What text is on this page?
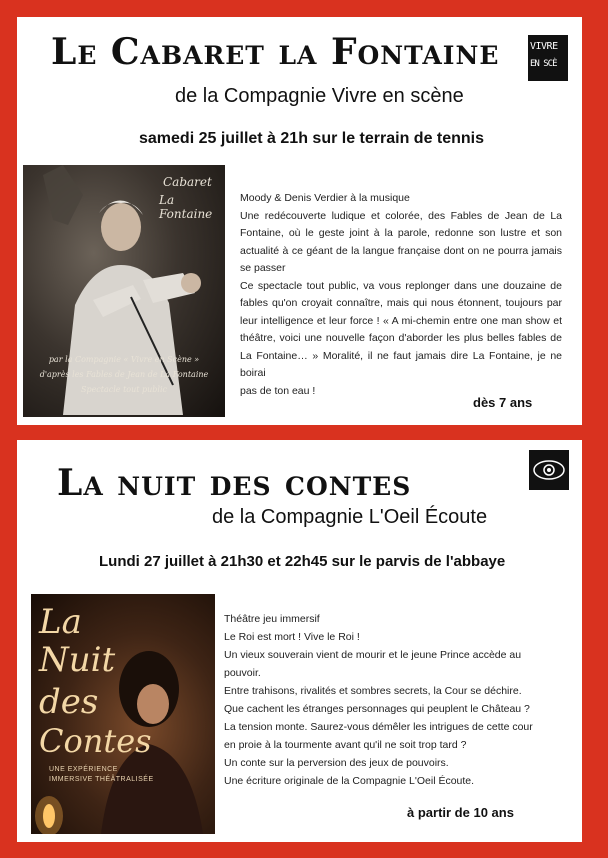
Le Cabaret la Fontaine	VIVRE
EN SCÈ
de la Compagnie Vivre en scène
samedi 25 juillet à 21h sur le terrain de tennis
Cabaret
La Fontaine
par la Compagnie « Vivre en Scène »
d'après les Fables de Jean de La Fontaine
Spectacle tout public

Moody & Denis Verdier à la musique

Une redécouverte ludique et colorée, des Fables de Jean de La Fontaine, où le geste joint à la parole, redonne son lustre et son actualité à ce géant de la langue française dont on ne pourra jamais se passer

Ce spectacle tout public, va vous replonger dans une douzaine de fables qu'on croyait connaître, mais qui nous étonnent, toujours par leur intelligence et leur force ! « A mi-chemin entre one man show et théâtre, voici une nouvelle façon d'aborder les plus belles fables de La Fontaine… » Moralité, il ne faut jamais dire La Fontaine, je ne boirai

pas de ton eau !

dès 7 ans
La nuit des contes
de la Compagnie L'Oeil Écoute
Lundi 27 juillet à 21h30 et 22h45 sur le parvis de l'abbaye
La
Nuit
des
Contes
UNE EXPÉRIENCE
IMMERSIVE THÉÂTRALISÉE

Théâtre jeu immersif

Le Roi est mort ! Vive le Roi !

Un vieux souverain vient de mourir et le jeune Prince accède au pouvoir.

Entre trahisons, rivalités et sombres secrets, la Cour se déchire.

Que cachent les étranges personnages qui peuplent le Château ?

La tension monte. Saurez-vous démêler les intrigues de cette cour en proie à la tourmente avant qu'il ne soit trop tard ?

Un conte sur la perversion des jeux de pouvoirs.

Une écriture originale de la Compagnie L'Oeil Écoute.

à partir de 10 ans
